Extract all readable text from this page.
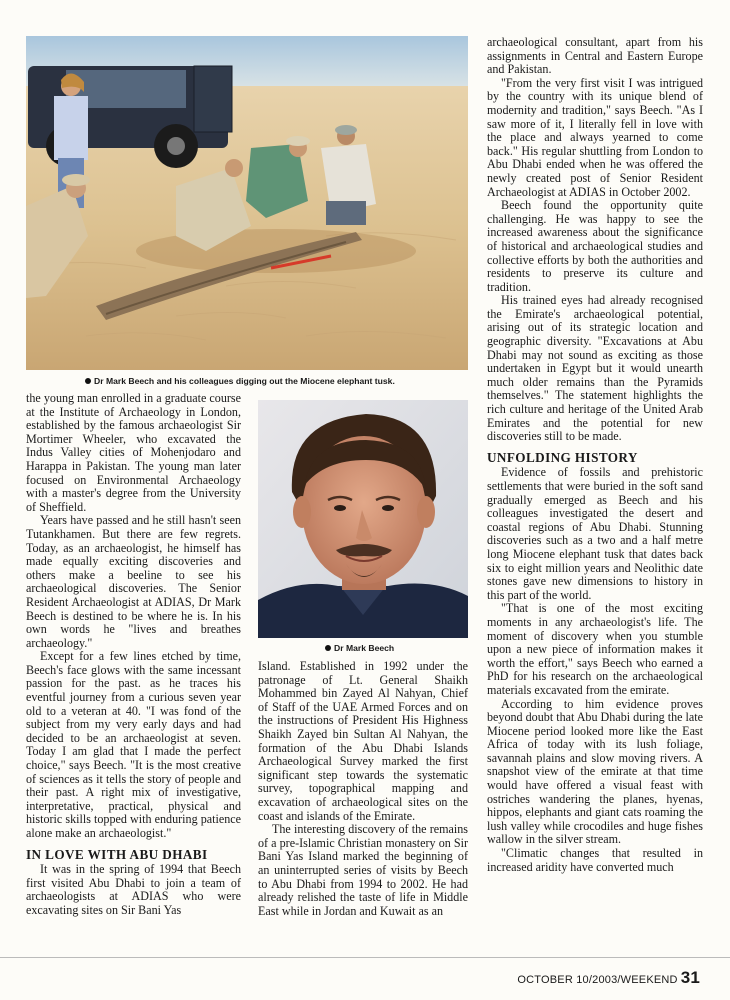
Dr Mark Beech and his colleagues digging out the Miocene elephant tusk.
Dr Mark Beech

the young man enrolled in a graduate course at the Institute of Archaeology in London, established by the famous archaeologist Sir Mortimer Wheeler, who excavated the Indus Valley cities of Mohenjodaro and Harappa in Pakistan. The young man later focused on Environmental Archaeology with a master's degree from the University of Sheffield.

Years have passed and he still hasn't seen Tutankhamen. But there are few regrets. Today, as an archaeologist, he himself has made equally exciting discoveries and others make a beeline to see his archaeological discoveries. The Senior Resident Archaeologist at ADIAS, Dr Mark Beech is destined to be where he is. In his own words he "lives and breathes archaeology."

Except for a few lines etched by time, Beech's face glows with the same incessant passion for the past. as he traces his eventful journey from a curious seven year old to a veteran at 40. "I was fond of the subject from my very early days and had decided to be an archaeologist at seven. Today I am glad that I made the perfect choice," says Beech. "It is the most creative of sciences as it tells the story of people and their past. A right mix of investigative, interpretative, practical, physical and historic skills topped with enduring patience alone make an archaeologist."

IN LOVE WITH ABU DHABI

It was in the spring of 1994 that Beech first visited Abu Dhabi to join a team of archaeologists at ADIAS who were excavating sites on Sir Bani Yas

Island. Established in 1992 under the patronage of Lt. General Shaikh Mohammed bin Zayed Al Nahyan, Chief of Staff of the UAE Armed Forces and on the instructions of President His Highness Shaikh Zayed bin Sultan Al Nahyan, the formation of the Abu Dhabi Islands Archaeological Survey marked the first significant step towards the systematic survey, topographical mapping and excavation of archaeological sites on the coast and islands of the Emirate.

The interesting discovery of the remains of a pre-Islamic Christian monastery on Sir Bani Yas Island marked the beginning of an uninterrupted series of visits by Beech to Abu Dhabi from 1994 to 2002. He had already relished the taste of life in Middle East while in Jordan and Kuwait as an

archaeological consultant, apart from his assignments in Central and Eastern Europe and Pakistan.

"From the very first visit I was intrigued by the country with its unique blend of modernity and tradition," says Beech. "As I saw more of it, I literally fell in love with the place and always yearned to come back." His regular shuttling from London to Abu Dhabi ended when he was offered the newly created post of Senior Resident Archaeologist at ADIAS in October 2002.

Beech found the opportunity quite challenging. He was happy to see the increased awareness about the significance of historical and archaeological studies and collective efforts by both the authorities and residents to preserve its culture and tradition.

His trained eyes had already recognised the Emirate's archaeological potential, arising out of its strategic location and geographic diversity. "Excavations at Abu Dhabi may not sound as exciting as those undertaken in Egypt but it would unearth much older remains than the Pyramids themselves." The statement highlights the rich culture and heritage of the United Arab Emirates and the potential for new discoveries still to be made.

UNFOLDING HISTORY

Evidence of fossils and prehistoric settlements that were buried in the soft sand gradually emerged as Beech and his colleagues investigated the desert and coastal regions of Abu Dhabi. Stunning discoveries such as a two and a half metre long Miocene elephant tusk that dates back six to eight million years and Neolithic date stones gave new dimensions to history in this part of the world.

"That is one of the most exciting moments in any archaeologist's life. The moment of discovery when you stumble upon a new piece of information makes it worth the effort," says Beech who earned a PhD for his research on the archaeological materials excavated from the emirate.

According to him evidence proves beyond doubt that Abu Dhabi during the late Miocene period looked more like the East Africa of today with its lush foliage, savannah plains and slow moving rivers. A snapshot view of the emirate at that time would have offered a visual feast with ostriches wandering the planes, hyenas, hippos, elephants and giant cats roaming the lush valley while crocodiles and huge fishes wallow in the silver stream.

"Climatic changes that resulted in increased aridity have converted much

OCTOBER 10/2003/WEEKEND 31
